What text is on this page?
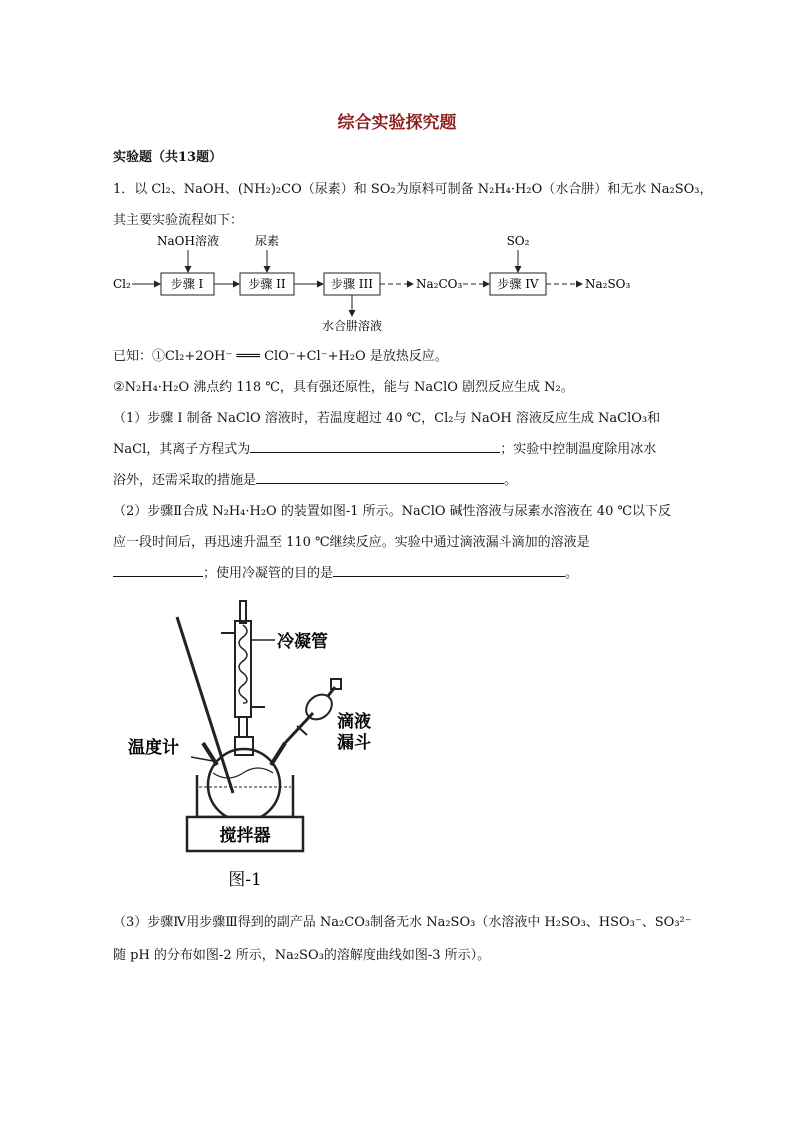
综合实验探究题
实验题（共13题）
1．以 Cl₂、NaOH、(NH₂)₂CO（尿素）和 SO₂为原料可制备 N₂H₄·H₂O（水合肼）和无水 Na₂SO₃，
其主要实验流程如下：
NaOH溶液	尿素	SO₂
Cl₂	步骤 I	步骤 II	步骤 III	Na₂CO₃	步骤 IV	Na₂SO₃
水合肼溶液
已知：①Cl₂+2OH⁻ ═══ ClO⁻+Cl⁻+H₂O 是放热反应。
②N₂H₄·H₂O 沸点约 118 ℃，具有强还原性，能与 NaClO 剧烈反应生成 N₂。
（1）步骤 I 制备 NaClO 溶液时，若温度超过 40 ℃，Cl₂与 NaOH 溶液反应生成 NaClO₃和
NaCl，其离子方程式为	；实验中控制温度除用冰水
浴外，还需采取的措施是	。
（2）步骤Ⅱ合成 N₂H₄·H₂O 的装置如图-1 所示。NaClO 碱性溶液与尿素水溶液在 40 ℃以下反
应一段时间后，再迅速升温至 110 ℃继续反应。实验中通过滴液漏斗滴加的溶液是
；使用冷凝管的目的是	。
冷凝管
温度计
滴液
漏斗
搅拌器
图-1
（3）步骤Ⅳ用步骤Ⅲ得到的副产品 Na₂CO₃制备无水 Na₂SO₃（水溶液中 H₂SO₃、HSO₃⁻、SO₃²⁻
随 pH 的分布如图-2 所示，Na₂SO₃的溶解度曲线如图-3 所示）。
